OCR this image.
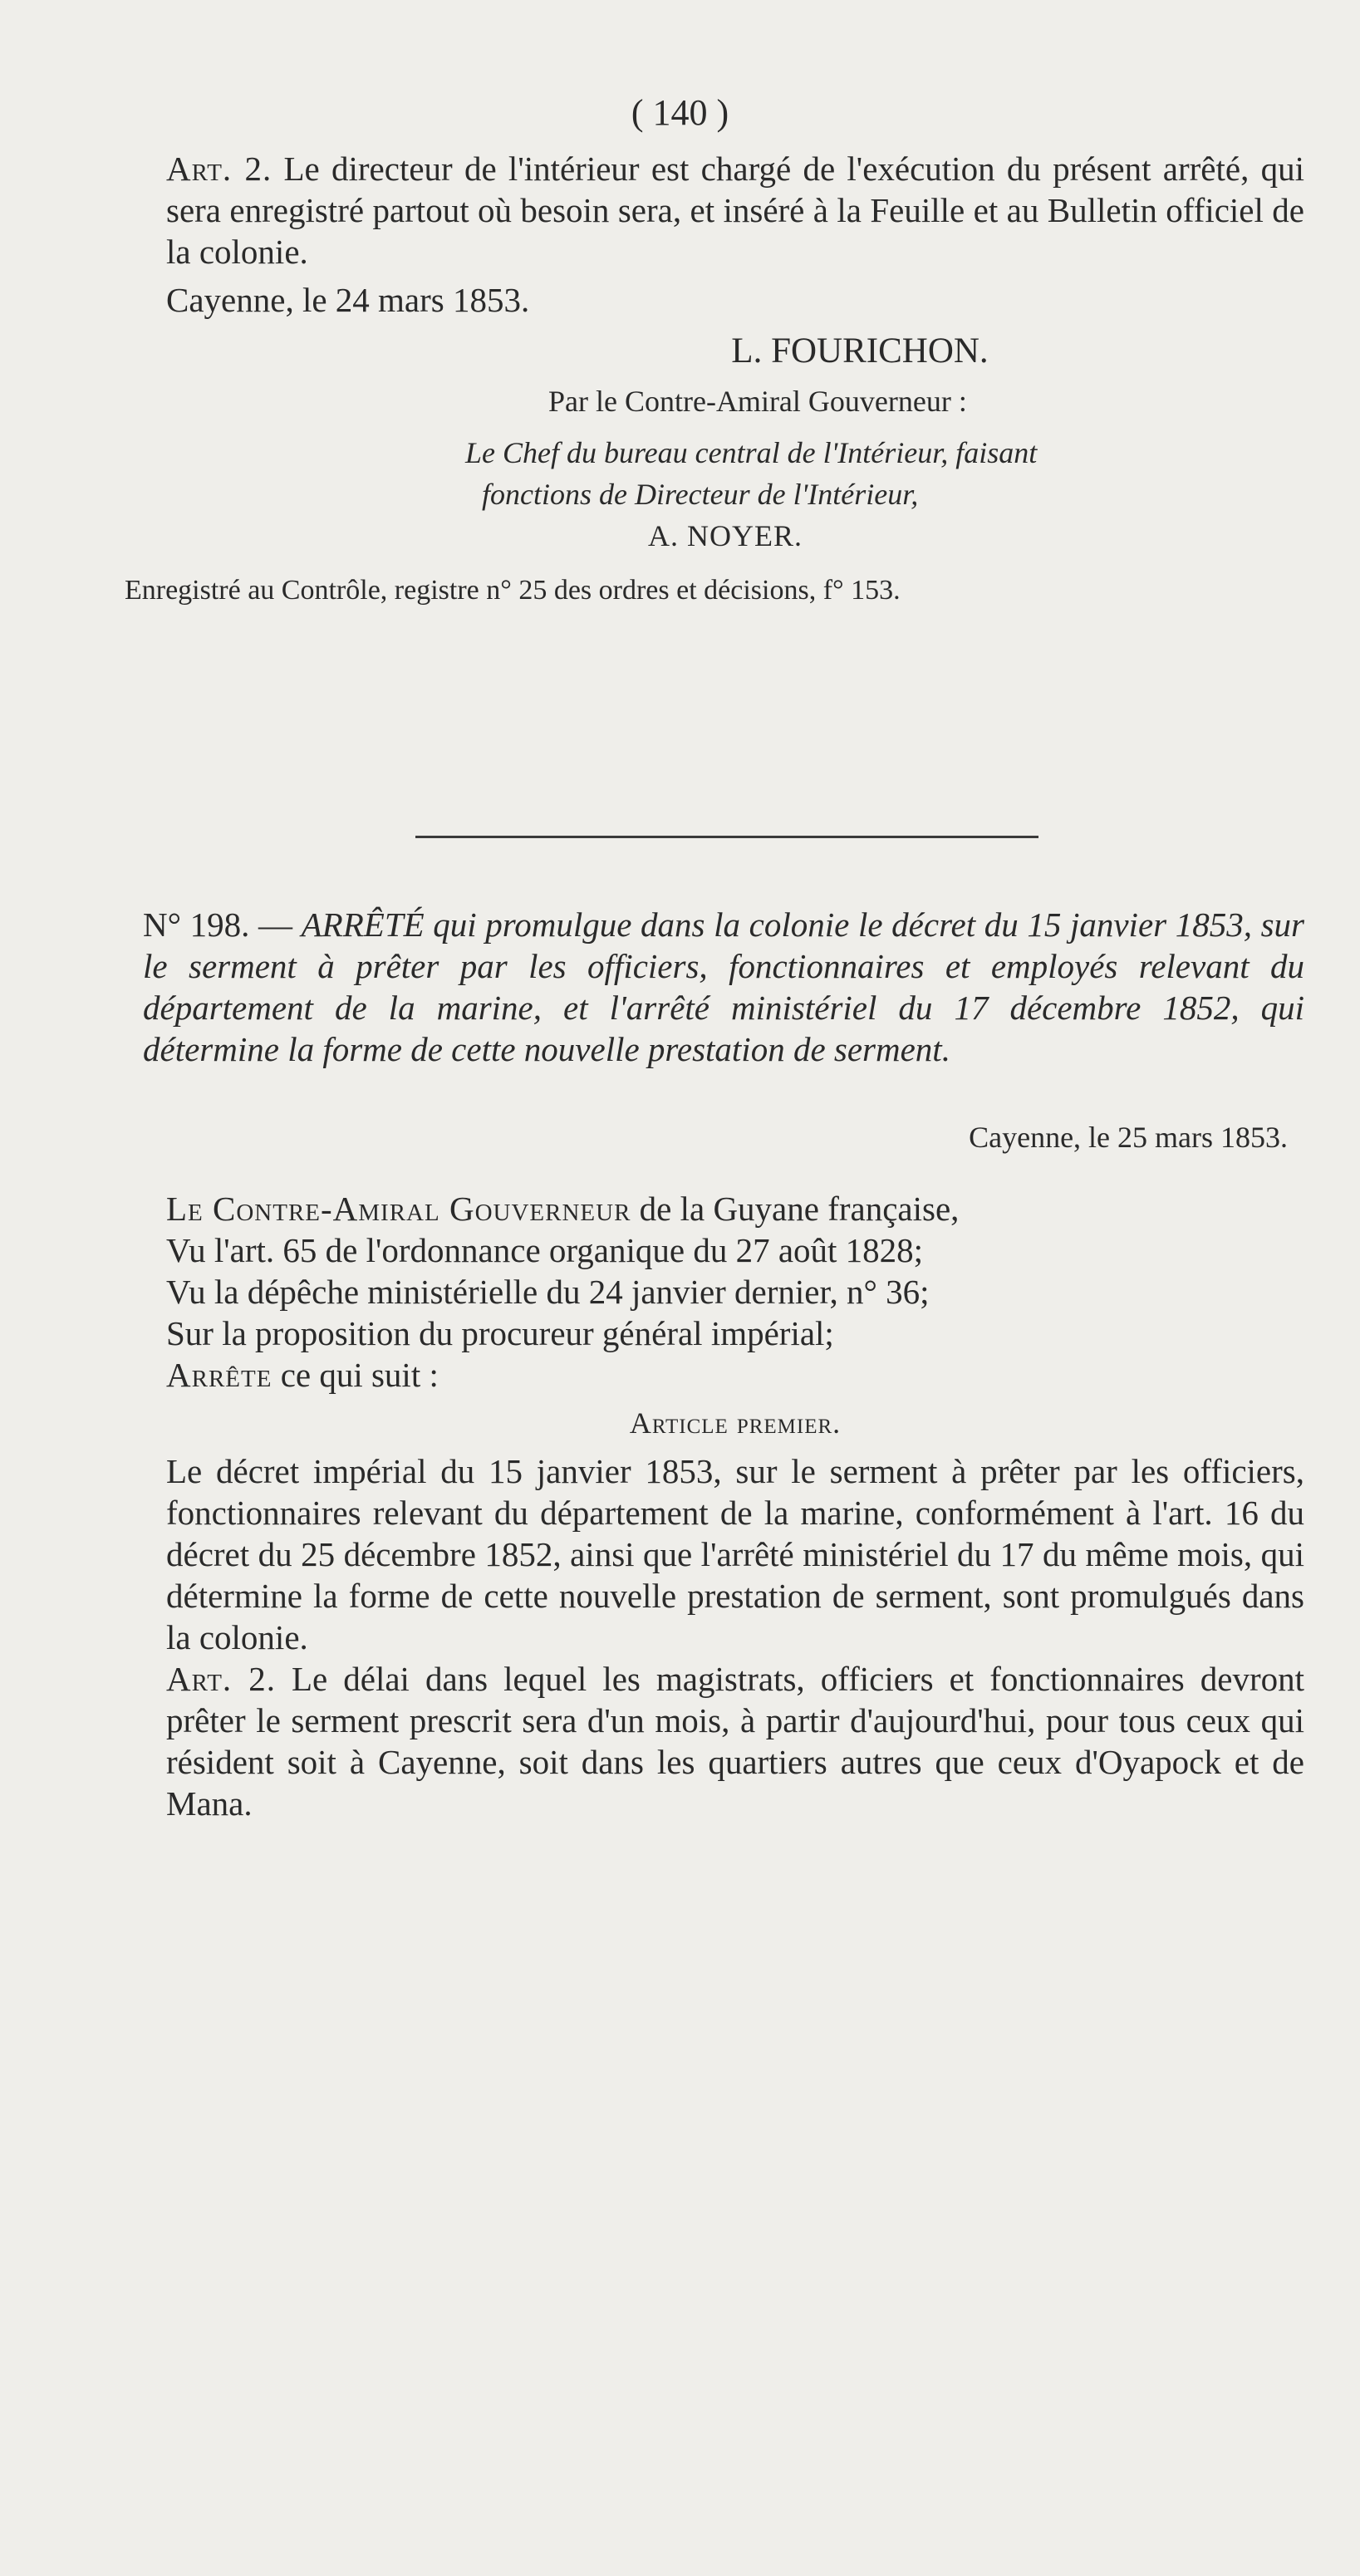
( 140 )

Art. 2. Le directeur de l'intérieur est chargé de l'exécution du présent arrêté, qui sera enregistré partout où besoin sera, et inséré à la Feuille et au Bulletin officiel de la colonie.

Cayenne, le 24 mars 1853.

L. FOURICHON.

Par le Contre-Amiral Gouverneur :

Le Chef du bureau central de l'Intérieur, faisant

fonctions de Directeur de l'Intérieur,

A. NOYER.

Enregistré au Contrôle, registre n° 25 des ordres et décisions, f° 153.

N° 198. — ARRÊTÉ qui promulgue dans la colonie le décret du 15 janvier 1853, sur le serment à prêter par les officiers, fonctionnaires et employés relevant du département de la marine, et l'arrêté ministériel du 17 décembre 1852, qui détermine la forme de cette nouvelle prestation de serment.

Cayenne, le 25 mars 1853.

Le Contre-Amiral Gouverneur de la Guyane française,

Vu l'art. 65 de l'ordonnance organique du 27 août 1828;

Vu la dépêche ministérielle du 24 janvier dernier, n° 36;

Sur la proposition du procureur général impérial;

Arrête ce qui suit :

Article premier.

Le décret impérial du 15 janvier 1853, sur le serment à prêter par les officiers, fonctionnaires relevant du département de la marine, conformément à l'art. 16 du décret du 25 décembre 1852, ainsi que l'arrêté ministériel du 17 du même mois, qui détermine la forme de cette nouvelle prestation de serment, sont promulgués dans la colonie.

Art. 2. Le délai dans lequel les magistrats, officiers et fonctionnaires devront prêter le serment prescrit sera d'un mois, à partir d'aujourd'hui, pour tous ceux qui résident soit à Cayenne, soit dans les quartiers autres que ceux d'Oyapock et de Mana.
